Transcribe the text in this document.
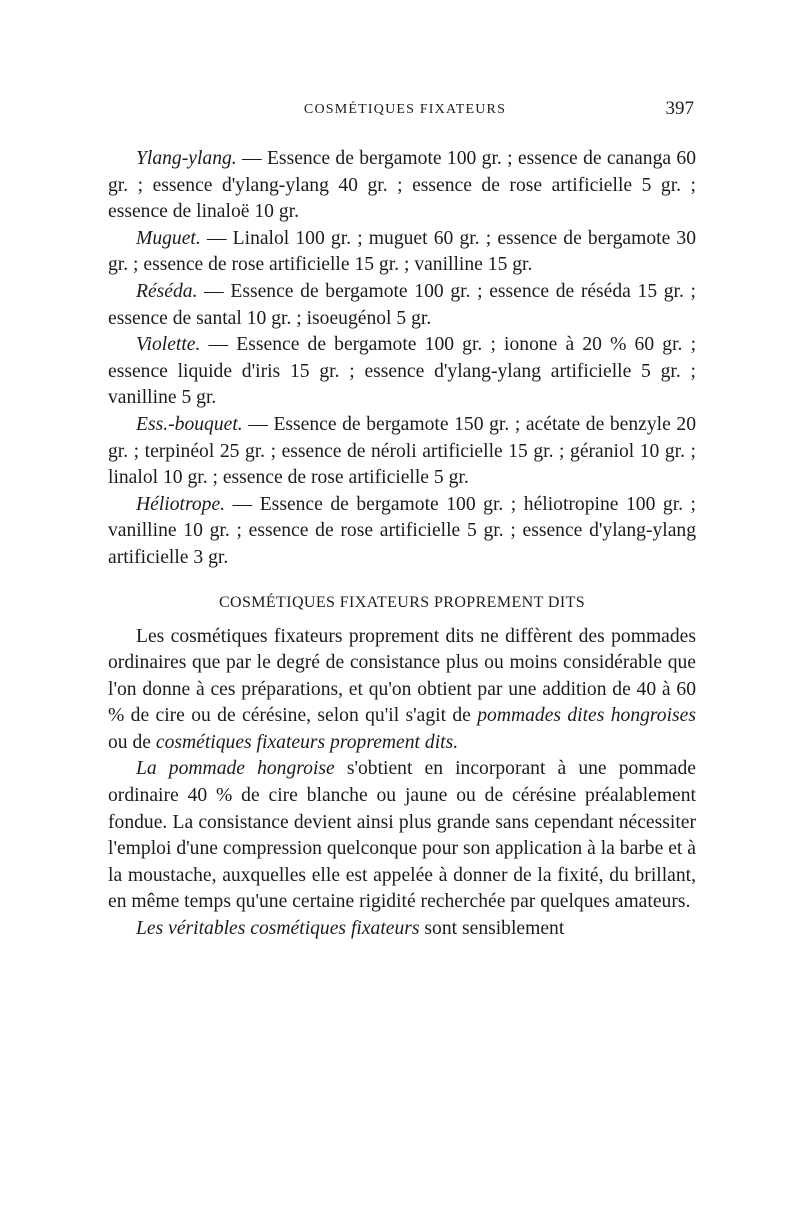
COSMÉTIQUES FIXATEURS	397

Ylang-ylang. — Essence de bergamote 100 gr. ; essence de cananga 60 gr. ; essence d'ylang-ylang 40 gr. ; essence de rose artificielle 5 gr. ; essence de linaloë 10 gr.

Muguet. — Linalol 100 gr. ; muguet 60 gr. ; essence de bergamote 30 gr. ; essence de rose artificielle 15 gr. ; vanilline 15 gr.

Réséda. — Essence de bergamote 100 gr. ; essence de réséda 15 gr. ; essence de santal 10 gr. ; isoeugénol 5 gr.

Violette. — Essence de bergamote 100 gr. ; ionone à 20 % 60 gr. ; essence liquide d'iris 15 gr. ; essence d'ylang-ylang artificielle 5 gr. ; vanilline 5 gr.

Ess.-bouquet. — Essence de bergamote 150 gr. ; acétate de benzyle 20 gr. ; terpinéol 25 gr. ; essence de néroli artificielle 15 gr. ; géraniol 10 gr. ; linalol 10 gr. ; essence de rose artificielle 5 gr.

Héliotrope. — Essence de bergamote 100 gr. ; héliotropine 100 gr. ; vanilline 10 gr. ; essence de rose artificielle 5 gr. ; essence d'ylang-ylang artificielle 3 gr.

COSMÉTIQUES FIXATEURS PROPREMENT DITS

Les cosmétiques fixateurs proprement dits ne diffèrent des pommades ordinaires que par le degré de consistance plus ou moins considérable que l'on donne à ces préparations, et qu'on obtient par une addition de 40 à 60 % de cire ou de cérésine, selon qu'il s'agit de pommades dites hongroises ou de cosmétiques fixateurs proprement dits.

La pommade hongroise s'obtient en incorporant à une pommade ordinaire 40 % de cire blanche ou jaune ou de cérésine préalablement fondue. La consistance devient ainsi plus grande sans cependant nécessiter l'emploi d'une compression quelconque pour son application à la barbe et à la moustache, auxquelles elle est appelée à donner de la fixité, du brillant, en même temps qu'une certaine rigidité recherchée par quelques amateurs.

Les véritables cosmétiques fixateurs sont sensiblement
